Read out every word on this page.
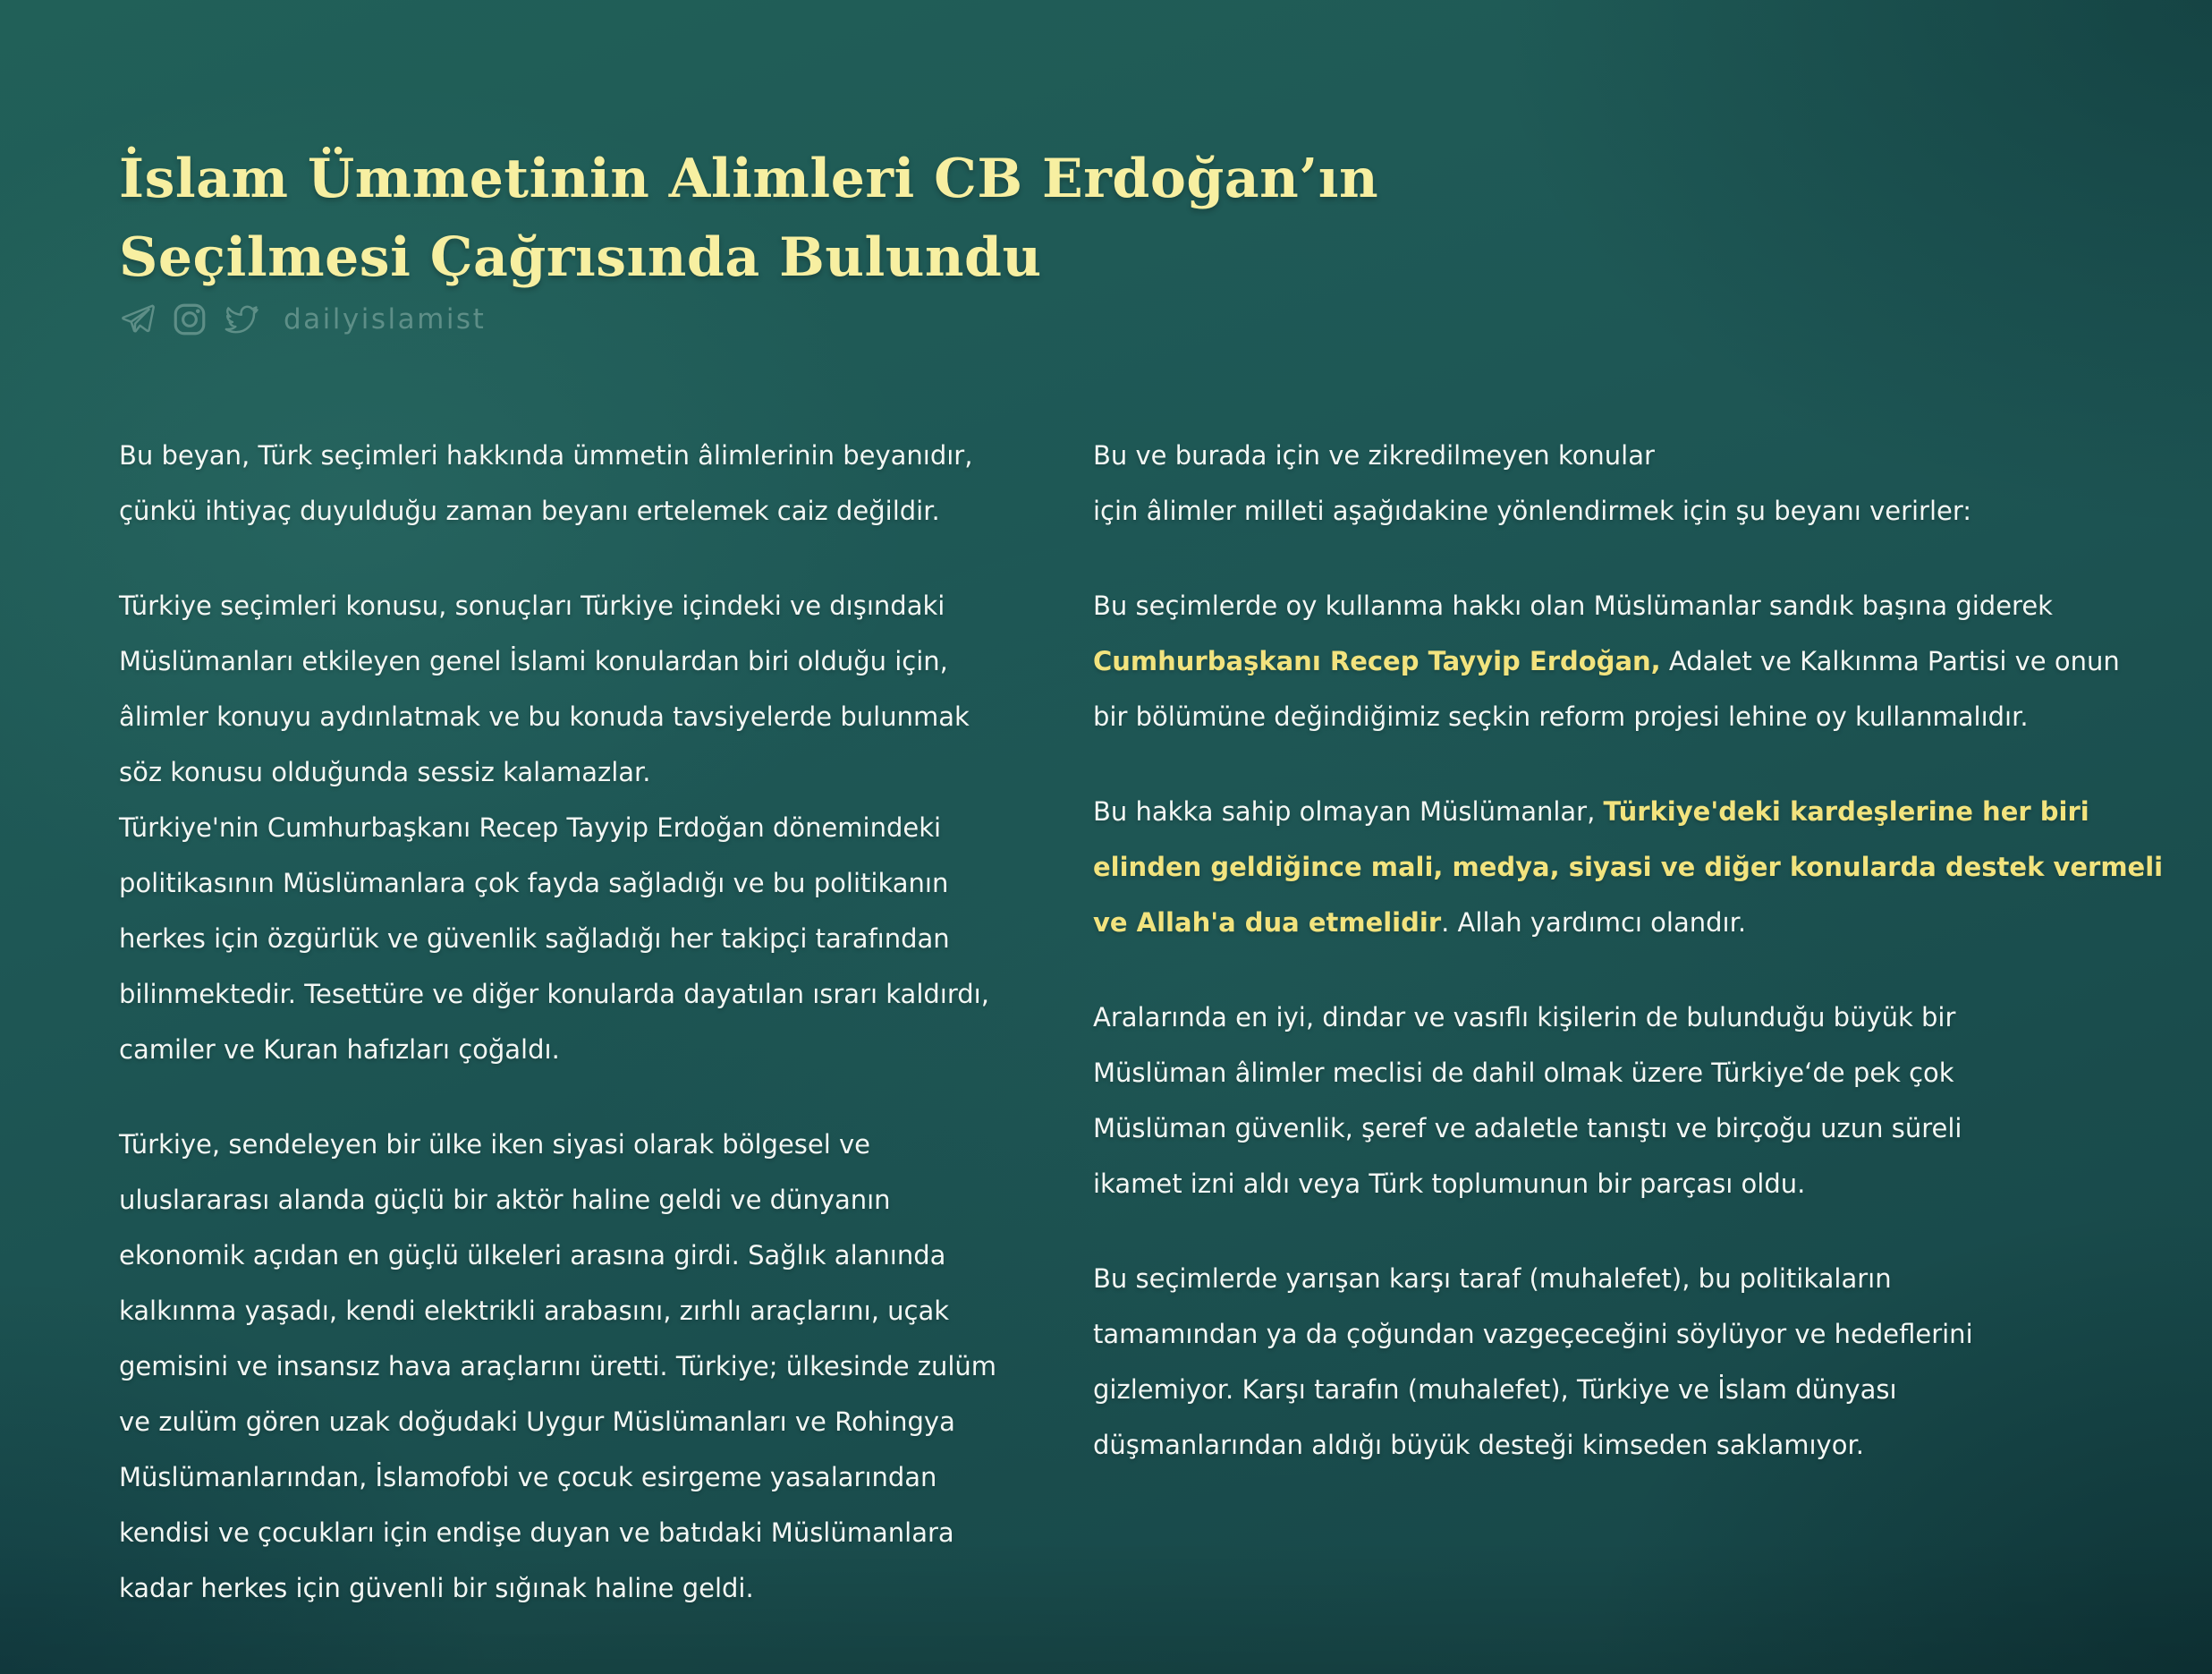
İslam Ümmetinin Alimleri CB Erdoğan’ın
Seçilmesi Çağrısında Bulundu
dailyislamist
Bu beyan, Türk seçimleri hakkında ümmetin âlimlerinin beyanıdır,
çünkü ihtiyaç duyulduğu zaman beyanı ertelemek caiz değildir.
Türkiye seçimleri konusu, sonuçları Türkiye içindeki ve dışındaki
Müslümanları etkileyen genel İslami konulardan biri olduğu için,
âlimler konuyu aydınlatmak ve bu konuda tavsiyelerde bulunmak
söz konusu olduğunda sessiz kalamazlar.
Türkiye'nin Cumhurbaşkanı Recep Tayyip Erdoğan dönemindeki
politikasının Müslümanlara çok fayda sağladığı ve bu politikanın
herkes için özgürlük ve güvenlik sağladığı her takipçi tarafından
bilinmektedir. Tesettüre ve diğer konularda dayatılan ısrarı kaldırdı,
camiler ve Kuran hafızları çoğaldı.
Türkiye, sendeleyen bir ülke iken siyasi olarak bölgesel ve
uluslararası alanda güçlü bir aktör haline geldi ve dünyanın
ekonomik açıdan en güçlü ülkeleri arasına girdi. Sağlık alanında
kalkınma yaşadı, kendi elektrikli arabasını, zırhlı araçlarını, uçak
gemisini ve insansız hava araçlarını üretti. Türkiye; ülkesinde zulüm
ve zulüm gören uzak doğudaki Uygur Müslümanları ve Rohingya
Müslümanlarından, İslamofobi ve çocuk esirgeme yasalarından
kendisi ve çocukları için endişe duyan ve batıdaki Müslümanlara
kadar herkes için güvenli bir sığınak haline geldi.
Bu ve burada için ve zikredilmeyen konular
için âlimler milleti aşağıdakine yönlendirmek için şu beyanı verirler:
Bu seçimlerde oy kullanma hakkı olan Müslümanlar sandık başına giderek
Cumhurbaşkanı Recep Tayyip Erdoğan, Adalet ve Kalkınma Partisi ve onun
bir bölümüne değindiğimiz seçkin reform projesi lehine oy kullanmalıdır.
Bu hakka sahip olmayan Müslümanlar, Türkiye'deki kardeşlerine her biri
elinden geldiğince mali, medya, siyasi ve diğer konularda destek vermeli
ve Allah'a dua etmelidir. Allah yardımcı olandır.
Aralarında en iyi, dindar ve vasıflı kişilerin de bulunduğu büyük bir
Müslüman âlimler meclisi de dahil olmak üzere Türkiye‘de pek çok
Müslüman güvenlik, şeref ve adaletle tanıştı ve birçoğu uzun süreli
ikamet izni aldı veya Türk toplumunun bir parçası oldu.
Bu seçimlerde yarışan karşı taraf (muhalefet), bu politikaların
tamamından ya da çoğundan vazgeçeceğini söylüyor ve hedeflerini
gizlemiyor. Karşı tarafın (muhalefet), Türkiye ve İslam dünyası
düşmanlarından aldığı büyük desteği kimseden saklamıyor.
